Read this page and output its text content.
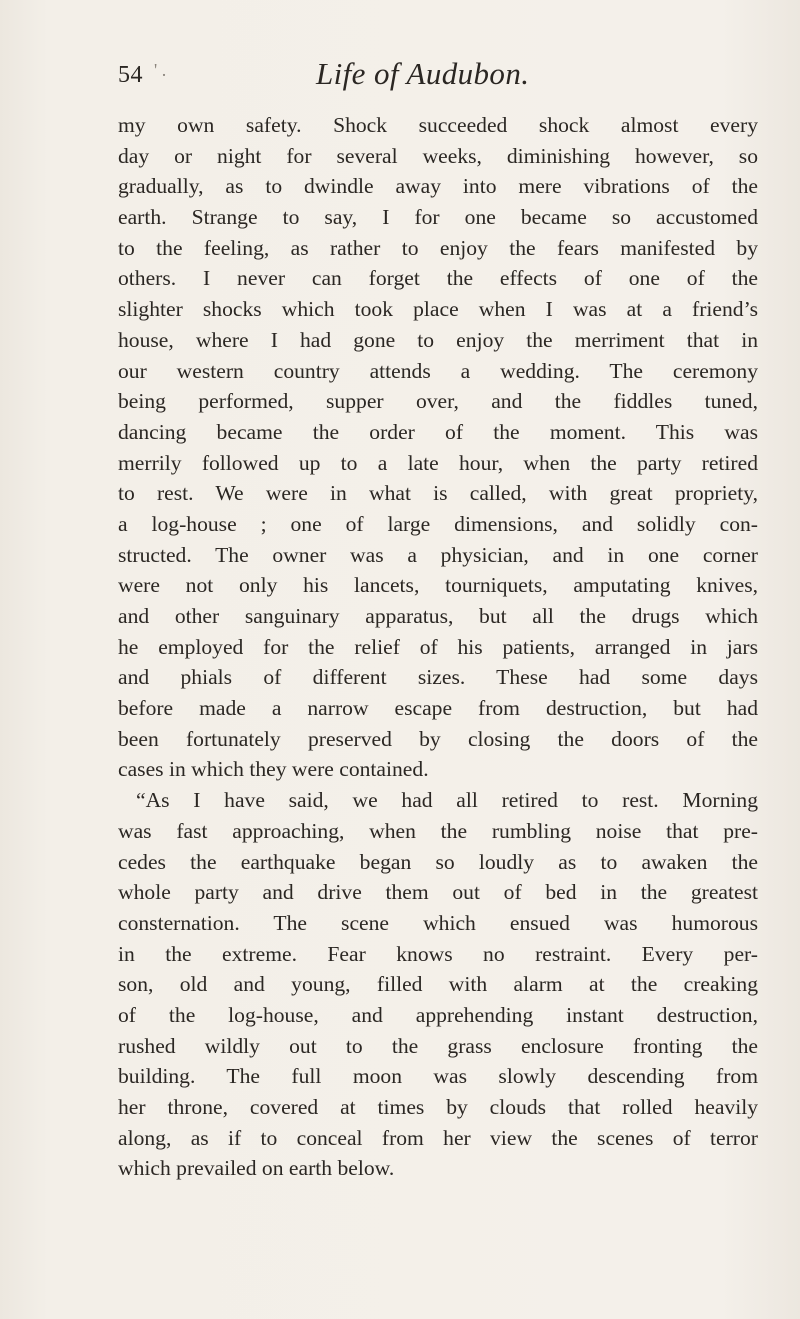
54 ' .	Life of Audubon.
my own safety. Shock succeeded shock almost every
day or night for several weeks, diminishing however, so
gradually, as to dwindle away into mere vibrations of the
earth. Strange to say, I for one became so accustomed
to the feeling, as rather to enjoy the fears manifested by
others. I never can forget the effects of one of the
slighter shocks which took place when I was at a friend’s
house, where I had gone to enjoy the merriment that in
our western country attends a wedding. The ceremony
being performed, supper over, and the fiddles tuned,
dancing became the order of the moment. This was
merrily followed up to a late hour, when the party retired
to rest. We were in what is called, with great propriety,
a log-house ; one of large dimensions, and solidly con-
structed. The owner was a physician, and in one corner
were not only his lancets, tourniquets, amputating knives,
and other sanguinary apparatus, but all the drugs which
he employed for the relief of his patients, arranged in jars
and phials of different sizes. These had some days
before made a narrow escape from destruction, but had
been fortunately preserved by closing the doors of the
cases in which they were contained.
“As I have said, we had all retired to rest. Morning
was fast approaching, when the rumbling noise that pre-
cedes the earthquake began so loudly as to awaken the
whole party and drive them out of bed in the greatest
consternation. The scene which ensued was humorous
in the extreme. Fear knows no restraint. Every per-
son, old and young, filled with alarm at the creaking
of the log-house, and apprehending instant destruction,
rushed wildly out to the grass enclosure fronting the
building. The full moon was slowly descending from
her throne, covered at times by clouds that rolled heavily
along, as if to conceal from her view the scenes of terror
which prevailed on earth below.
